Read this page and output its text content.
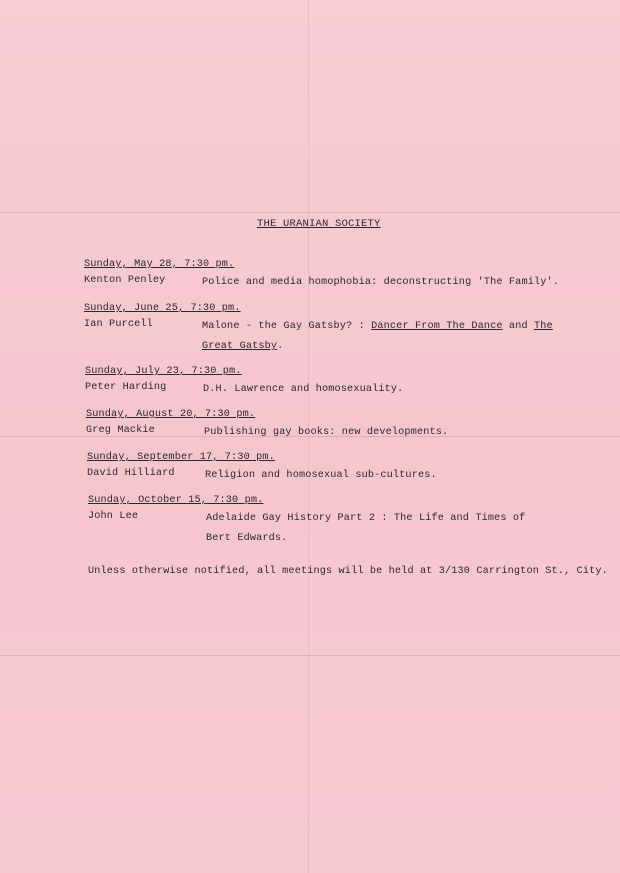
THE URANIAN SOCIETY
Sunday, May 28, 7:30 pm.
Kenton Penley	Police and media homophobia: deconstructing 'The Family'.
Sunday, June 25, 7:30 pm.
Ian Purcell	Malone - the Gay Gatsby? : Dancer From The Dance and The
Great Gatsby.
Sunday, July 23, 7:30 pm.
Peter Harding	D.H. Lawrence and homosexuality.
Sunday, August 20, 7:30 pm.
Greg Mackie	Publishing gay books: new developments.
Sunday, September 17, 7:30 pm.
David Hilliard	Religion and homosexual sub-cultures.
Sunday, October 15, 7:30 pm.
John Lee	Adelaide Gay History Part 2 : The Life and Times of
Bert Edwards.
Unless otherwise notified, all meetings will be held at 3/130 Carrington St., City.
